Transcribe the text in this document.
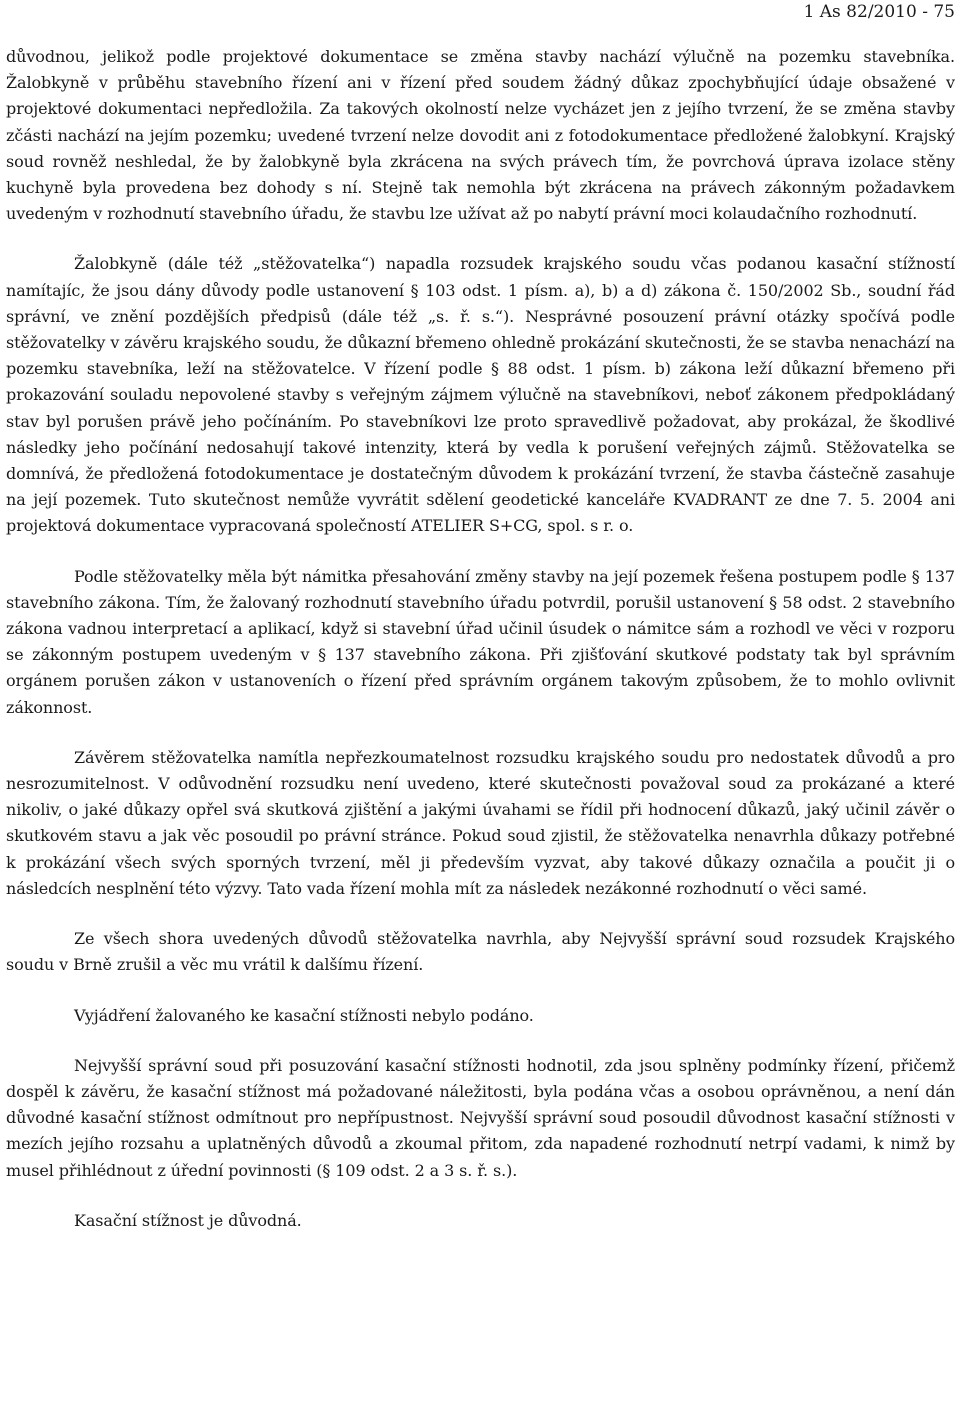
1 As 82/2010 - 75

důvodnou, jelikož podle projektové dokumentace se změna stavby nachází výlučně na pozemku stavebníka. Žalobkyně v průběhu stavebního řízení ani v řízení před soudem žádný důkaz zpochybňující údaje obsažené v projektové dokumentaci nepředložila. Za takových okolností nelze vycházet jen z jejího tvrzení, že se změna stavby zčásti nachází na jejím pozemku; uvedené tvrzení nelze dovodit ani z fotodokumentace předložené žalobkyní. Krajský soud rovněž neshledal, že by žalobkyně byla zkrácena na svých právech tím, že povrchová úprava izolace stěny kuchyně byla provedena bez dohody s ní. Stejně tak nemohla být zkrácena na právech zákonným požadavkem uvedeným v rozhodnutí stavebního úřadu, že stavbu lze užívat až po nabytí právní moci kolaudačního rozhodnutí.

Žalobkyně (dále též „stěžovatelka“) napadla rozsudek krajského soudu včas podanou kasační stížností namítajíc, že jsou dány důvody podle ustanovení § 103 odst. 1 písm. a), b) a d) zákona č. 150/2002 Sb., soudní řád správní, ve znění pozdějších předpisů (dále též „s. ř. s.“). Nesprávné posouzení právní otázky spočívá podle stěžovatelky v závěru krajského soudu, že důkazní břemeno ohledně prokázání skutečnosti, že se stavba nenachází na pozemku stavebníka, leží na stěžovatelce. V řízení podle § 88 odst. 1 písm. b) zákona leží důkazní břemeno při prokazování souladu nepovolené stavby s veřejným zájmem výlučně na stavebníkovi, neboť zákonem předpokládaný stav byl porušen právě jeho počínáním. Po stavebníkovi lze proto spravedlivě požadovat, aby prokázal, že škodlivé následky jeho počínání nedosahují takové intenzity, která by vedla k porušení veřejných zájmů. Stěžovatelka se domnívá, že předložená fotodokumentace je dostatečným důvodem k prokázání tvrzení, že stavba částečně zasahuje na její pozemek. Tuto skutečnost nemůže vyvrátit sdělení geodetické kanceláře KVADRANT ze dne 7. 5. 2004 ani projektová dokumentace vypracovaná společností ATELIER S+CG, spol. s r. o.

Podle stěžovatelky měla být námitka přesahování změny stavby na její pozemek řešena postupem podle § 137 stavebního zákona. Tím, že žalovaný rozhodnutí stavebního úřadu potvrdil, porušil ustanovení § 58 odst. 2 stavebního zákona vadnou interpretací a aplikací, když si stavební úřad učinil úsudek o námitce sám a rozhodl ve věci v rozporu se zákonným postupem uvedeným v § 137 stavebního zákona. Při zjišťování skutkové podstaty tak byl správním orgánem porušen zákon v ustanoveních o řízení před správním orgánem takovým způsobem, že to mohlo ovlivnit zákonnost.

Závěrem stěžovatelka namítla nepřezkoumatelnost rozsudku krajského soudu pro nedostatek důvodů a pro nesrozumitelnost. V odůvodnění rozsudku není uvedeno, které skutečnosti považoval soud za prokázané a které nikoliv, o jaké důkazy opřel svá skutková zjištění a jakými úvahami se řídil při hodnocení důkazů, jaký učinil závěr o skutkovém stavu a jak věc posoudil po právní stránce. Pokud soud zjistil, že stěžovatelka nenavrhla důkazy potřebné k prokázání všech svých sporných tvrzení, měl ji především vyzvat, aby takové důkazy označila a poučit ji o následcích nesplnění této výzvy. Tato vada řízení mohla mít za následek nezákonné rozhodnutí o věci samé.

Ze všech shora uvedených důvodů stěžovatelka navrhla, aby Nejvyšší správní soud rozsudek Krajského soudu v Brně zrušil a věc mu vrátil k dalšímu řízení.

Vyjádření žalovaného ke kasační stížnosti nebylo podáno.

Nejvyšší správní soud při posuzování kasační stížnosti hodnotil, zda jsou splněny podmínky řízení, přičemž dospěl k závěru, že kasační stížnost má požadované náležitosti, byla podána včas a osobou oprávněnou, a není dán důvodné kasační stížnost odmítnout pro nepřípustnost. Nejvyšší správní soud posoudil důvodnost kasační stížnosti v mezích jejího rozsahu a uplatněných důvodů a zkoumal přitom, zda napadené rozhodnutí netrpí vadami, k nimž by musel přihlédnout z úřední povinnosti (§ 109 odst. 2 a 3 s. ř. s.).

Kasační stížnost je důvodná.
